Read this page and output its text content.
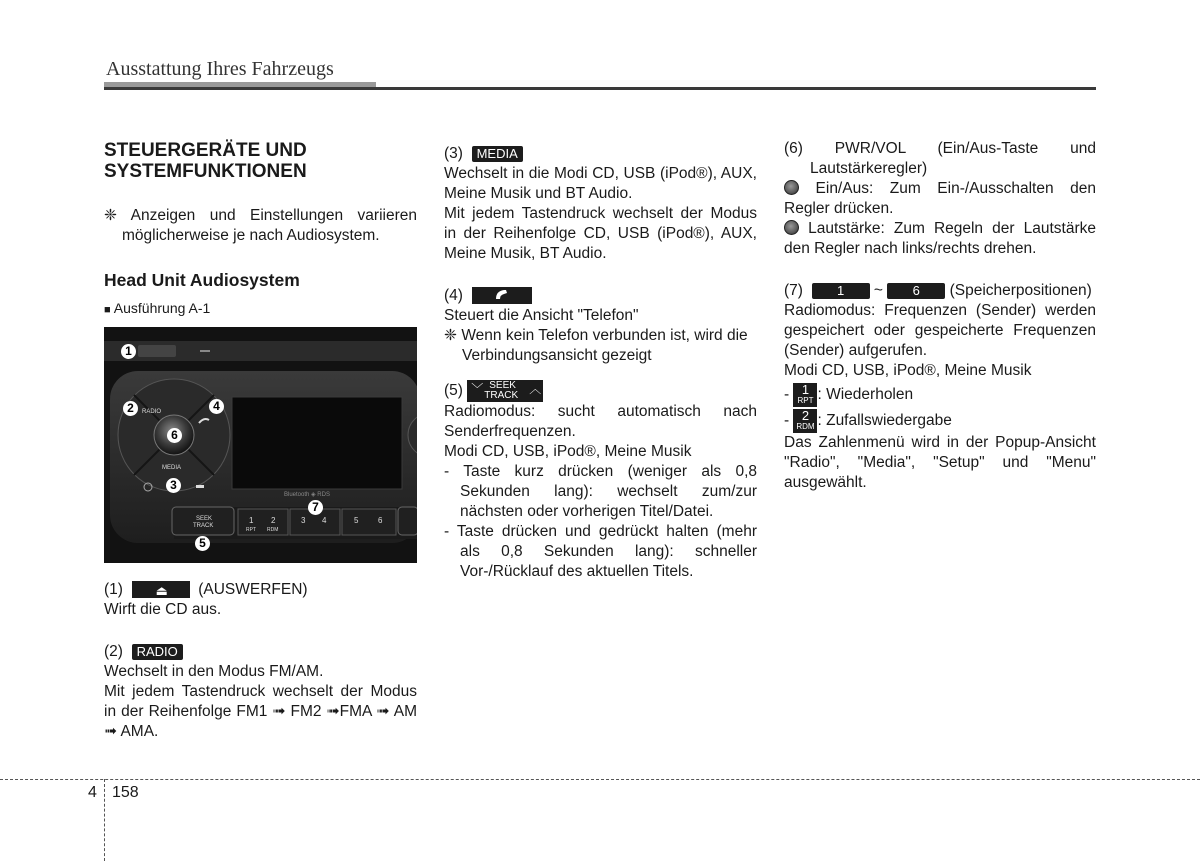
Ausstattung Ihres Fahrzeugs

STEUERGERÄTE UND

SYSTEMFUNKTIONEN

❈ Anzeigen und Einstellungen variieren möglicherweise je nach Audiosystem.

Head Unit Audiosystem

■ Ausführung A-1

RADIO
MEDIA
SEEK
TRACK
Bluetooth ◈ RDS
1 2	3 4	5 6
RPT RDM
1
2
3
4
5
6
7

(1)	⏏ (AUSWERFEN)

Wirft die CD aus.

(2) RADIO

Wechselt in den Modus FM/AM.

Mit jedem Tastendruck wechselt der Modus in der Reihenfolge FM1 ➟ FM2 ➟FMA ➟ AM ➟ AMA.

(3) MEDIA

Wechselt in die Modi CD, USB (iPod®), AUX, Meine Musik und BT Audio.

Mit jedem Tastendruck wechselt der Modus in der Reihenfolge CD, USB (iPod®), AUX, Meine Musik, BT Audio.

(4)

Steuert die Ansicht "Telefon"

❈ Wenn kein Telefon verbunden ist, wird die Verbindungsansicht gezeigt

(5) ﹀ SEEK
TRACK ︿

Radiomodus: sucht automatisch nach Senderfrequenzen.

Modi CD, USB, iPod®, Meine Musik

- Taste kurz drücken (weniger als 0,8 Sekunden lang): wechselt zum/zur nächsten oder vorherigen Titel/Datei.

- Taste drücken und gedrückt halten (mehr als 0,8 Sekunden lang): schneller Vor-/Rücklauf des aktuellen Titels.

(6) PWR/VOL (Ein/Aus-Taste und Lautstärkeregler)

Ein/Aus: Zum Ein-/Ausschalten den Regler drücken.

Lautstärke: Zum Regeln der Lautstärke den Regler nach links/rechts drehen.

(7)	1 ~ 6 (Speicherpositionen)

Radiomodus: Frequenzen (Sender) werden gespeichert oder gespeicherte Frequenzen (Sender) aufgerufen.

Modi CD, USB, iPod®, Meine Musik

- 1
RPT : Wiederholen

- 2
RDM : Zufallswiedergabe

Das Zahlenmenü wird in der Popup-Ansicht "Radio", "Media", "Setup" und "Menu" ausgewählt.

4 158
